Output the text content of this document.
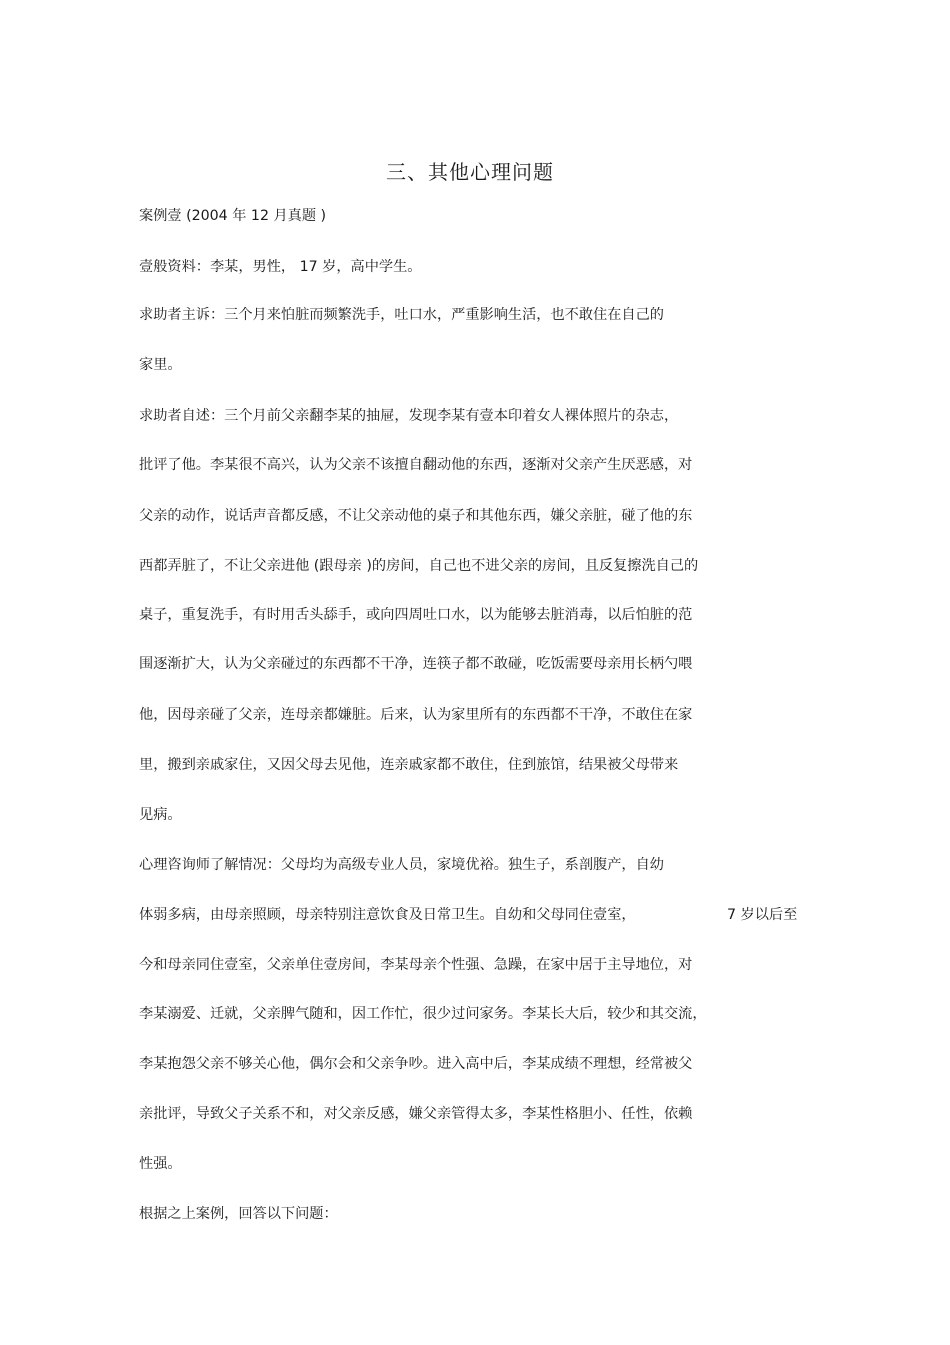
三、其他心理问题
案例壹 (2004 年 12 月真题 )
壹般资料：李某，男性， 17 岁，高中学生。
求助者主诉：三个月来怕脏而频繁洗手，吐口水，严重影响生活，也不敢住在自己的
家里。
求助者自述：三个月前父亲翻李某的抽屉，发现李某有壹本印着女人裸体照片的杂志，
批评了他。李某很不高兴，认为父亲不该擅自翻动他的东西，逐渐对父亲产生厌恶感，对
父亲的动作，说话声音都反感，不让父亲动他的桌子和其他东西，嫌父亲脏，碰了他的东
西都弄脏了，不让父亲进他 (跟母亲 )的房间，自己也不进父亲的房间，且反复擦洗自己的
桌子，重复洗手，有时用舌头舔手，或向四周吐口水，以为能够去脏消毒，以后怕脏的范
围逐渐扩大，认为父亲碰过的东西都不干净，连筷子都不敢碰，吃饭需要母亲用长柄勺喂
他，因母亲碰了父亲，连母亲都嫌脏。后来，认为家里所有的东西都不干净，不敢住在家
里，搬到亲戚家住，又因父母去见他，连亲戚家都不敢住，住到旅馆，结果被父母带来
见病。
心理咨询师了解情况：父母均为高级专业人员，家境优裕。独生子，系剖腹产，自幼
体弱多病，由母亲照顾，母亲特别注意饮食及日常卫生。自幼和父母同住壹室，	7 岁以后至
今和母亲同住壹室，父亲单住壹房间，李某母亲个性强、急躁，在家中居于主导地位，对
李某溺爱、迁就，父亲脾气随和，因工作忙，很少过问家务。李某长大后，较少和其交流，
李某抱怨父亲不够关心他，偶尔会和父亲争吵。进入高中后，李某成绩不理想，经常被父
亲批评，导致父子关系不和，对父亲反感，嫌父亲管得太多，李某性格胆小、任性，依赖
性强。
根据之上案例，回答以下问题：
